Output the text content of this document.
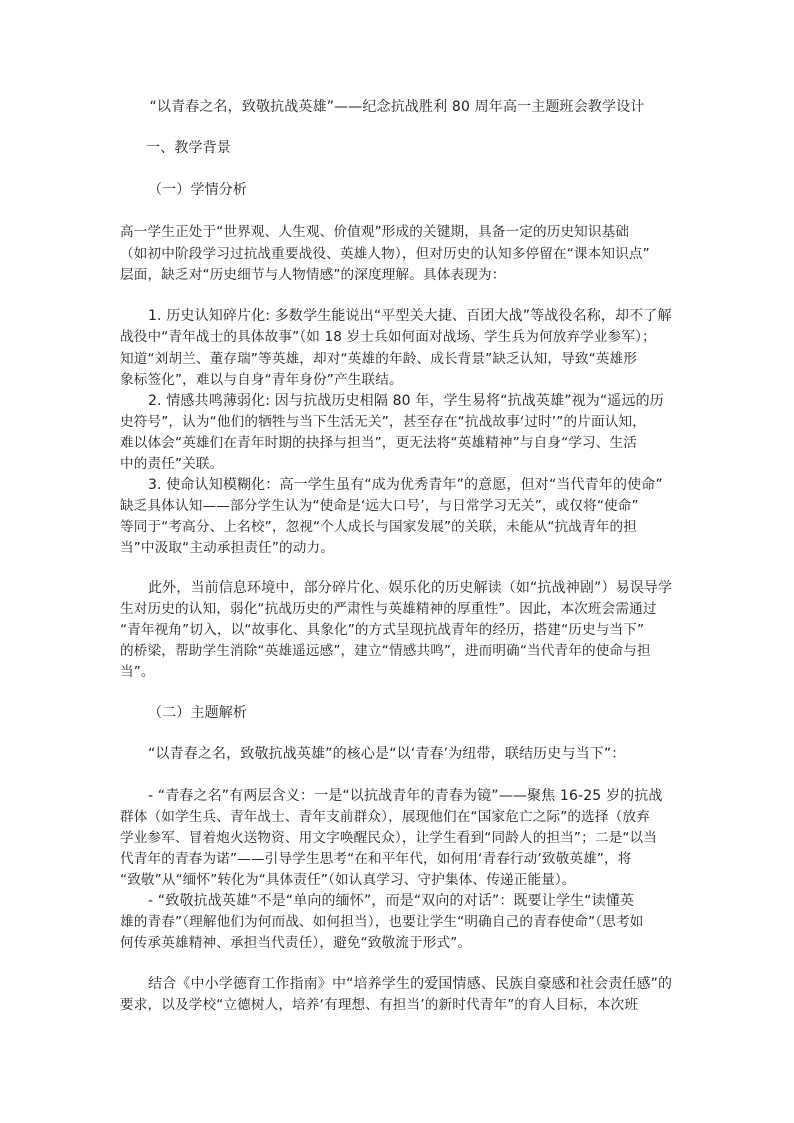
“以青春之名，致敬抗战英雄”——纪念抗战胜利 80 周年高一主题班会教学设计
一、教学背景
（一）学情分析
高一学生正处于“世界观、人生观、价值观”形成的关键期，具备一定的历史知识基础
（如初中阶段学习过抗战重要战役、英雄人物），但对历史的认知多停留在“课本知识点”
层面，缺乏对“历史细节与人物情感”的深度理解。具体表现为：
1. 历史认知碎片化: 多数学生能说出“平型关大捷、百团大战”等战役名称，却不了解
战役中“青年战士的具体故事”（如 18 岁士兵如何面对战场、学生兵为何放弃学业参军）；
知道“刘胡兰、董存瑞”等英雄，却对“英雄的年龄、成长背景”缺乏认知，导致“英雄形
象标签化”，难以与自身“青年身份”产生联结。
2. 情感共鸣薄弱化: 因与抗战历史相隔 80 年，学生易将“抗战英雄”视为“遥远的历
史符号”，认为“他们的牺牲与当下生活无关”，甚至存在“抗战故事‘过时’”的片面认知，
难以体会“英雄们在青年时期的抉择与担当”，更无法将“英雄精神”与自身“学习、生活
中的责任”关联。
3. 使命认知模糊化：高一学生虽有“成为优秀青年”的意愿，但对“当代青年的使命”
缺乏具体认知——部分学生认为“使命是‘远大口号’，与日常学习无关”，或仅将“使命”
等同于“考高分、上名校”，忽视“个人成长与国家发展”的关联，未能从“抗战青年的担
当”中汲取“主动承担责任”的动力。
此外，当前信息环境中，部分碎片化、娱乐化的历史解读（如“抗战神剧”）易误导学
生对历史的认知，弱化“抗战历史的严肃性与英雄精神的厚重性”。因此，本次班会需通过
“青年视角”切入，以“故事化、具象化”的方式呈现抗战青年的经历，搭建“历史与当下”
的桥梁，帮助学生消除“英雄遥远感”，建立“情感共鸣”，进而明确“当代青年的使命与担
当”。
（二）主题解析
“以青春之名，致敬抗战英雄”的核心是“以‘青春’为纽带，联结历史与当下”：
- “青春之名”有两层含义：一是“以抗战青年的青春为镜”——聚焦 16-25 岁的抗战
群体（如学生兵、青年战士、青年支前群众），展现他们在“国家危亡之际”的选择（放弃
学业参军、冒着炮火送物资、用文字唤醒民众），让学生看到“同龄人的担当”；二是“以当
代青年的青春为诺”——引导学生思考“在和平年代，如何用‘青春行动’致敬英雄”，将
“致敬”从“缅怀”转化为“具体责任”（如认真学习、守护集体、传递正能量）。
- “致敬抗战英雄”不是“单向的缅怀”，而是“双向的对话”：既要让学生“读懂英
雄的青春”（理解他们为何而战、如何担当），也要让学生“明确自己的青春使命”（思考如
何传承英雄精神、承担当代责任），避免“致敬流于形式”。
结合《中小学德育工作指南》中“培养学生的爱国情感、民族自豪感和社会责任感”的
要求，以及学校“立德树人，培养‘有理想、有担当’的新时代青年”的育人目标，本次班
